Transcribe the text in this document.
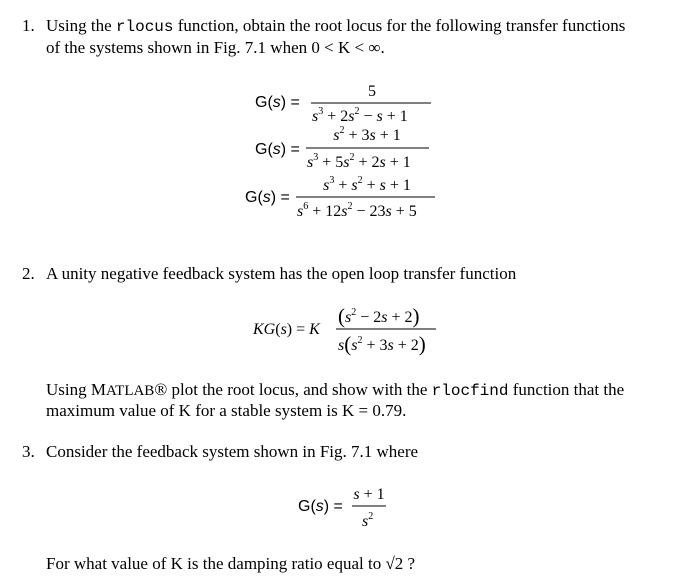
1. Using the rlocus function, obtain the root locus for the following transfer functions
of the systems shown in Fig. 7.1 when 0 < K < ∞.
G(s) =
5
$s^3 + 2s^2 - s + 1$
G(s) =
$s^2 + 3s + 1$
$s^3 + 5s^2 + 2s + 1$
G(s) =
$s^3 + s^2 + s + 1$
$s^6 + 12s^2 - 23s + 5$
2. A unity negative feedback system has the open loop transfer function
KG(s) = K
$(s^2 - 2s + 2)$
$s(s^2 + 3s + 2)$
Using MATLAB® plot the root locus, and show with the rlocfind function that the
maximum value of K for a stable system is K = 0.79.
3. Consider the feedback system shown in Fig. 7.1 where
G(s) =
s + 1
$s^2$
For what value of K is the damping ratio equal to √2 ?
